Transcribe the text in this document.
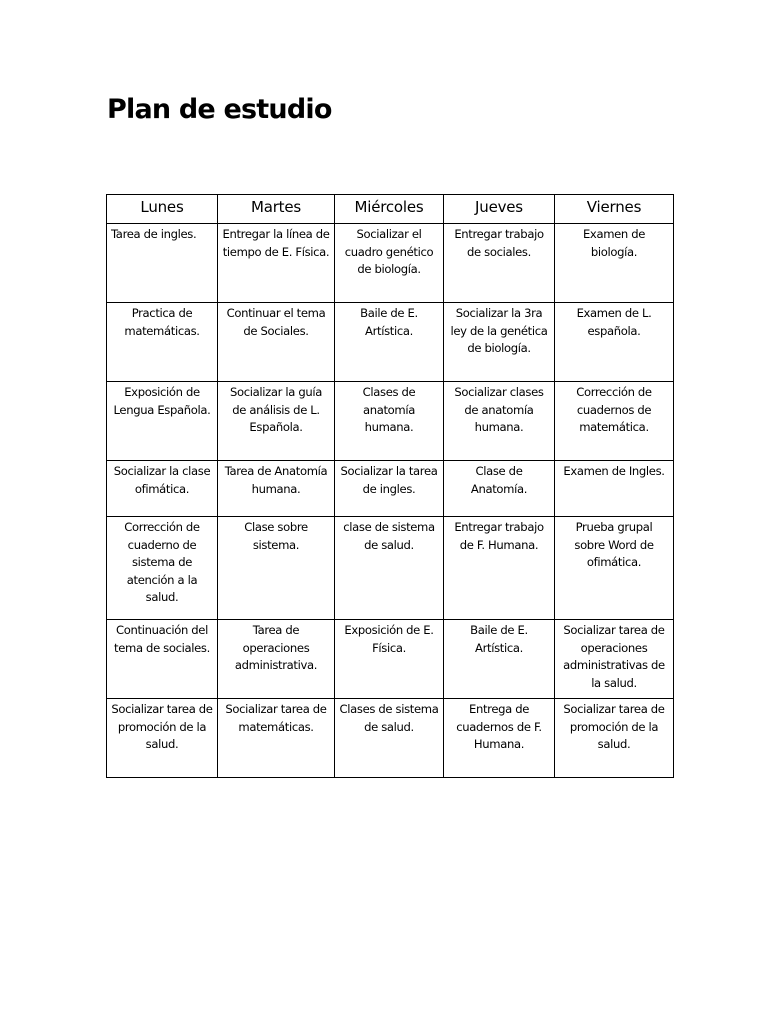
Plan de estudio
Lunes	Martes	Miércoles	Jueves	Viernes
Tarea de ingles.	Entregar la línea de tiempo de E. Física.	Socializar el cuadro genético de biología.	Entregar trabajo de sociales.	Examen de biología.
Practica de matemáticas.	Continuar el tema de Sociales.	Baile de E. Artística.	Socializar la 3ra ley de la genética de biología.	Examen de L. española.
Exposición de Lengua Española.	Socializar la guía de análisis de L. Española.	Clases de anatomía humana.	Socializar clases de anatomía humana.	Corrección de cuadernos de matemática.
Socializar la clase ofimática.	Tarea de Anatomía humana.	Socializar la tarea de ingles.	Clase de Anatomía.	Examen de Ingles.
Corrección de cuaderno de sistema de atención a la salud.	Clase sobre sistema.	clase de sistema de salud.	Entregar trabajo de F. Humana.	Prueba grupal sobre Word de ofimática.
Continuación del tema de sociales.	Tarea de operaciones administrativa.	Exposición de E. Física.	Baile de E. Artística.	Socializar tarea de operaciones administrativas de la salud.
Socializar tarea de promoción de la salud.	Socializar tarea de matemáticas.	Clases de sistema de salud.	Entrega de cuadernos de F. Humana.	Socializar tarea de promoción de la salud.
